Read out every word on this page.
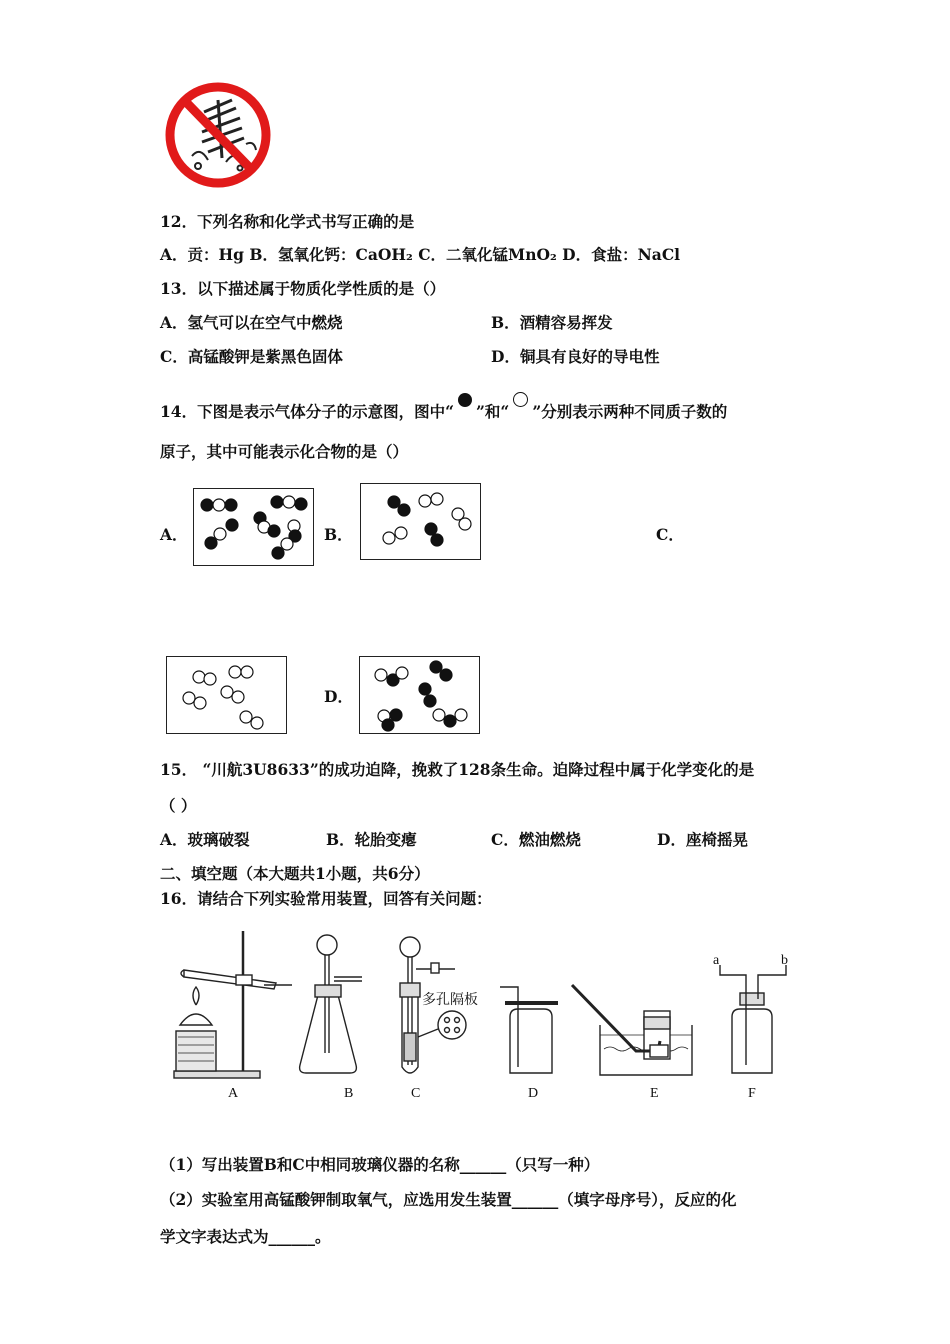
12．下列名称和化学式书写正确的是
A．贡：Hg B．氢氧化钙：CaOH₂ C．二氧化锰MnO₂ D．食盐：NaCl
13．以下描述属于物质化学性质的是（）
A．氢气可以在空气中燃烧	B．酒精容易挥发
C．高锰酸钾是紫黑色固体	D．铜具有良好的导电性
14．下图是表示气体分子的示意图，图中“ ”和“ ”分别表示两种不同质子数的
原子，其中可能表示化合物的是（）
A．	B．	C．
D．
15． “川航3U8633”的成功迫降，挽救了128条生命。迫降过程中属于化学变化的是
（ ）
A．玻璃破裂	B．轮胎变瘪	C．燃油燃烧	D．座椅摇晃
二、填空题（本大题共1小题，共6分）
16．请结合下列实验常用装置，回答有关问题：
A	B	C	D	E	F
多孔隔板
a	b
（1）写出装置B和C中相同玻璃仪器的名称______（只写一种）
（2）实验室用高锰酸钾制取氧气，应选用发生装置______（填字母序号），反应的化
学文字表达式为______。
